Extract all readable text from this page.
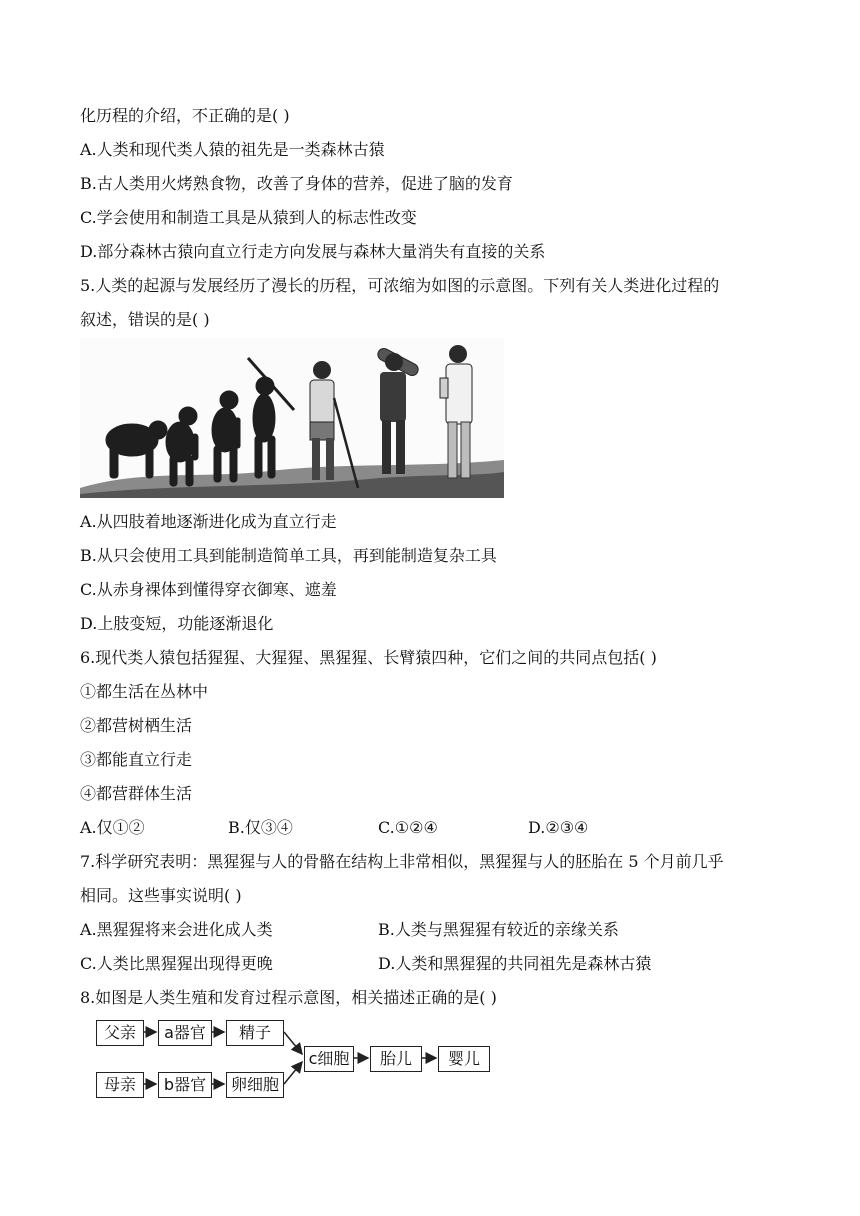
化历程的介绍，不正确的是( )
A.人类和现代类人猿的祖先是一类森林古猿
B.古人类用火烤熟食物，改善了身体的营养，促进了脑的发育
C.学会使用和制造工具是从猿到人的标志性改变
D.部分森林古猿向直立行走方向发展与森林大量消失有直接的关系
5.人类的起源与发展经历了漫长的历程，可浓缩为如图的示意图。下列有关人类进化过程的
叙述，错误的是( )
A.从四肢着地逐渐进化成为直立行走
B.从只会使用工具到能制造简单工具，再到能制造复杂工具
C.从赤身裸体到懂得穿衣御寒、遮羞
D.上肢变短，功能逐渐退化
6.现代类人猿包括猩猩、大猩猩、黑猩猩、长臂猿四种，它们之间的共同点包括( )
①都生活在丛林中
②都营树栖生活
③都能直立行走
④都营群体生活
A.仅①②	B.仅③④	C.①②④	D.②③④
7.科学研究表明：黑猩猩与人的骨骼在结构上非常相似，黑猩猩与人的胚胎在 5 个月前几乎
相同。这些事实说明( )
A.黑猩猩将来会进化成人类	B.人类与黑猩猩有较近的亲缘关系
C.人类比黑猩猩出现得更晚	D.人类和黑猩猩的共同祖先是森林古猿
8.如图是人类生殖和发育过程示意图，相关描述正确的是( )
父亲	a器官	精子
母亲	b器官	卵细胞
c细胞	胎儿	婴儿
